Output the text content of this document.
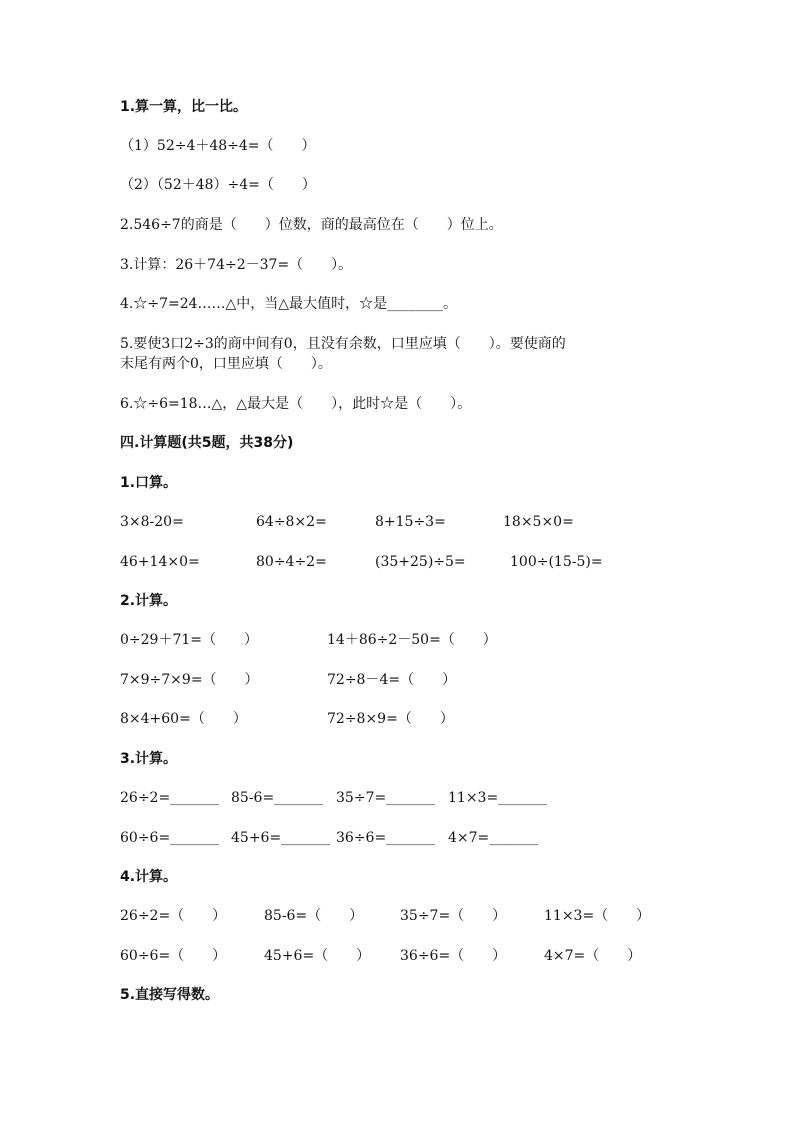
1.算一算，比一比。
（1）52÷4＋48÷4=（　　）
（2）（52＋48）÷4=（　　）
2.546÷7的商是（　　）位数，商的最高位在（　　）位上。
3.计算：26＋74÷2－37=（　　）。
4.☆÷7=24……△中，当△最大值时，☆是________。
5.要使3口2÷3的商中间有0，且没有余数，口里应填（　　）。要使商的
末尾有两个0，口里应填（　　）。
6.☆÷6=18…△，△最大是（　　），此时☆是（　　）。
四.计算题(共5题，共38分)
1.口算。
3×8-20=	64÷8×2=	8+15÷3=	18×5×0=
46+14×0=	80÷4÷2=	(35+25)÷5=	100÷(15-5)=
2.计算。
0÷29＋71=（　　）	14＋86÷2－50=（　　）
7×9÷7×9=（　　）	72÷8－4=（　　）
8×4+60=（　　）	72÷8×9=（　　）
3.计算。
26÷2=_______ 85-6=_______ 35÷7=_______ 11×3=_______
60÷6=_______ 45+6=_______ 36÷6=_______ 4×7=_______
4.计算。
26÷2=（　　）	85-6=（　　）	35÷7=（　　）	11×3=（　　）
60÷6=（　　）	45+6=（　　） 36÷6=（　　）	4×7=（　　）
5.直接写得数。
